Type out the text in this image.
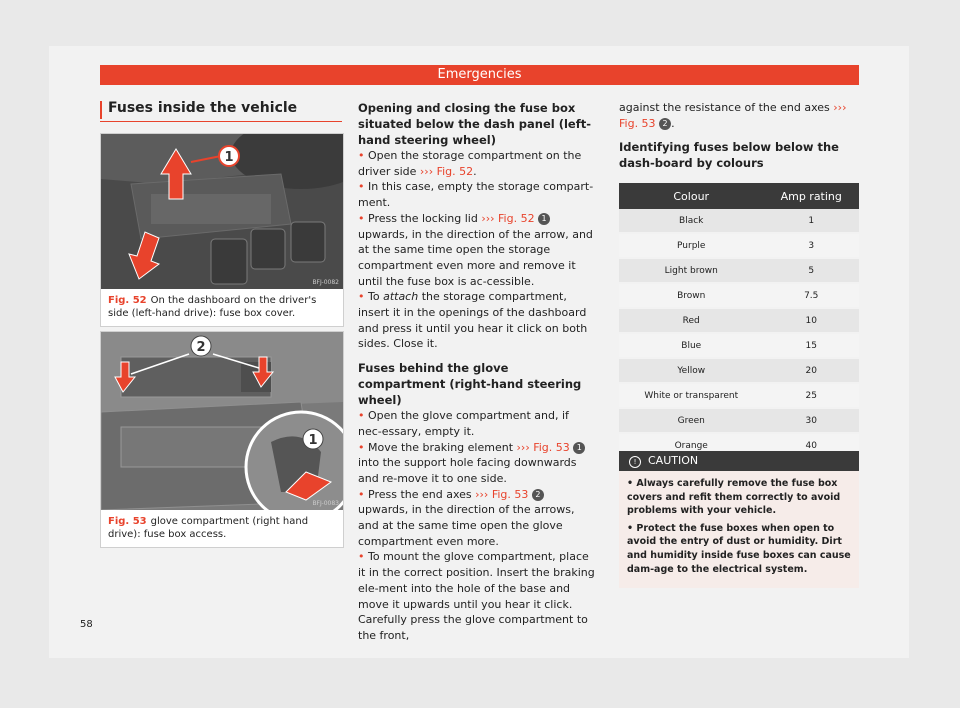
Emergencies
Fuses inside the vehicle
1
BFJ-0082
Fig. 52 On the dashboard on the driver's side (left-hand drive): fuse box cover.
2
1
BFJ-0083
Fig. 53 glove compartment (right hand drive): fuse box access.

Opening and closing the fuse box situated below the dash panel (left-hand steering wheel)

• Open the storage compartment on the driver side ››› Fig. 52.

• In this case, empty the storage compart-ment.

• Press the locking lid ››› Fig. 52 1 upwards, in the direction of the arrow, and at the same time open the storage compartment even more and remove it until the fuse box is ac-cessible.

• To attach the storage compartment, insert it in the openings of the dashboard and press it until you hear it click on both sides. Close it.

Fuses behind the glove compartment (right-hand steering wheel)

• Open the glove compartment and, if nec-essary, empty it.

• Move the braking element ››› Fig. 53 1 into the support hole facing downwards and re-move it to one side.

• Press the end axes ››› Fig. 53 2 upwards, in the direction of the arrows, and at the same time open the glove compartment even more.

• To mount the glove compartment, place it in the correct position. Insert the braking ele-ment into the hole of the base and move it upwards until you hear it click. Carefully press the glove compartment to the front,

against the resistance of the end axes ››› Fig. 53 2 .

Identifying fuses below below the dash-board by colours

Colour	Amp rating
Black	1
Purple	3
Light brown	5
Brown	7.5
Red	10
Blue	15
Yellow	20
White or transparent	25
Green	30
Orange	40
! CAUTION

• Always carefully remove the fuse box covers and refit them correctly to avoid problems with your vehicle.

• Protect the fuse boxes when open to avoid the entry of dust or humidity. Dirt and humidity inside fuse boxes can cause dam-age to the electrical system.

58
